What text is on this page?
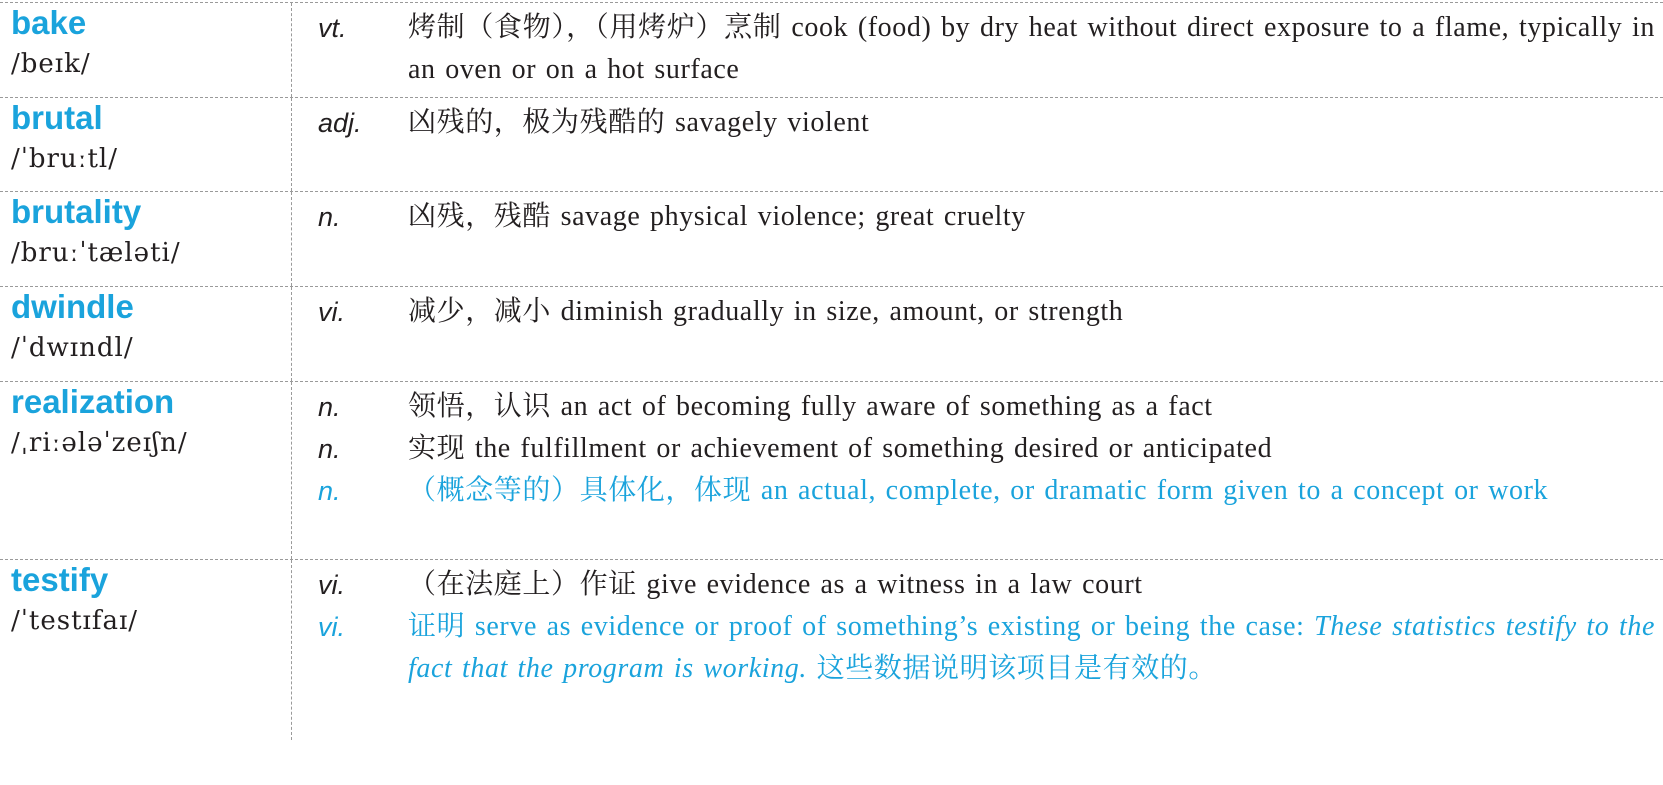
bake
/beɪk/
vt.	烤制（食物），（用烤炉）烹制 cook (food) by dry heat without direct exposure to a flame, typically in an oven or on a hot surface
brutal
/ˈbruːtl/
adj.	凶残的，极为残酷的 savagely violent
brutality
/bruːˈtæləti/
n.	凶残，残酷 savage physical violence; great cruelty
dwindle
/ˈdwɪndl/
vi.	减少，减小 diminish gradually in size, amount, or strength
realization
/ˌriːələˈzeɪʃn/
n.	领悟，认识 an act of becoming fully aware of something as a fact
n.	实现 the fulfillment or achievement of something desired or anticipated
n.	（概念等的）具体化，体现 an actual, complete, or dramatic form given to a concept or work
testify
/ˈtestɪfaɪ/
vi.	（在法庭上）作证 give evidence as a witness in a law court
vi.	证明 serve as evidence or proof of something’s existing or being the case: These statistics testify to the fact that the program is working. 这些数据说明该项目是有效的。
